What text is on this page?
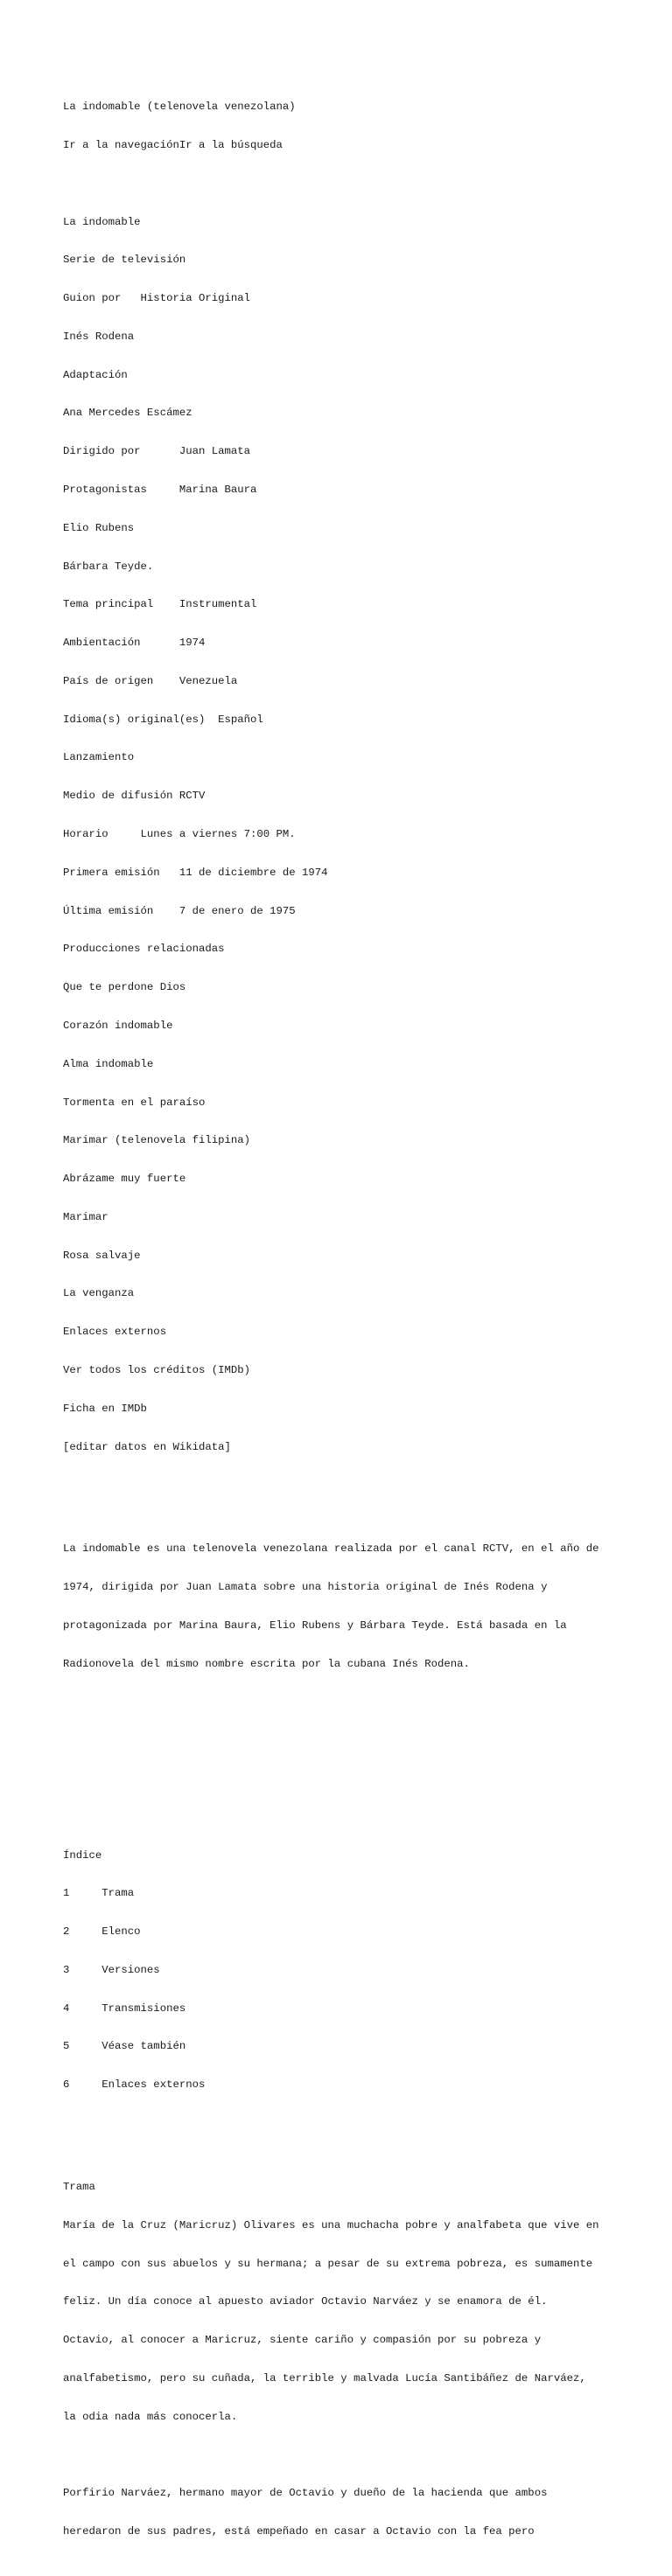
La indomable (telenovela venezolana)

Ir a la navegaciónIr a la búsqueda

La indomable

Serie de televisión

Guion por   Historia Original

Inés Rodena

Adaptación

Ana Mercedes Escámez

Dirigido por      Juan Lamata

Protagonistas     Marina Baura

Elio Rubens

Bárbara Teyde.

Tema principal    Instrumental

Ambientación      1974

País de origen    Venezuela

Idioma(s) original(es)  Español

Lanzamiento

Medio de difusión RCTV

Horario     Lunes a viernes 7:00 PM.

Primera emisión   11 de diciembre de 1974

Última emisión    7 de enero de 1975

Producciones relacionadas

Que te perdone Dios

Corazón indomable

Alma indomable

Tormenta en el paraíso

Marimar (telenovela filipina)

Abrázame muy fuerte

Marimar

Rosa salvaje

La venganza

Enlaces externos

Ver todos los créditos (IMDb)

Ficha en IMDb

[editar datos en Wikidata]

La indomable es una telenovela venezolana realizada por el canal RCTV, en el año de

1974, dirigida por Juan Lamata sobre una historia original de Inés Rodena y

protagonizada por Marina Baura, Elio Rubens y Bárbara Teyde. Está basada en la

Radionovela del mismo nombre escrita por la cubana Inés Rodena.

Índice

1     Trama

2     Elenco

3     Versiones

4     Transmisiones

5     Véase también

6     Enlaces externos

Trama

María de la Cruz (Maricruz) Olivares es una muchacha pobre y analfabeta que vive en

el campo con sus abuelos y su hermana; a pesar de su extrema pobreza, es sumamente

feliz. Un día conoce al apuesto aviador Octavio Narváez y se enamora de él.

Octavio, al conocer a Maricruz, siente cariño y compasión por su pobreza y

analfabetismo, pero su cuñada, la terrible y malvada Lucía Santibáñez de Narváez,

la odia nada más conocerla.

Porfirio Narváez, hermano mayor de Octavio y dueño de la hacienda que ambos

heredaron de sus padres, está empeñado en casar a Octavio con la fea pero
